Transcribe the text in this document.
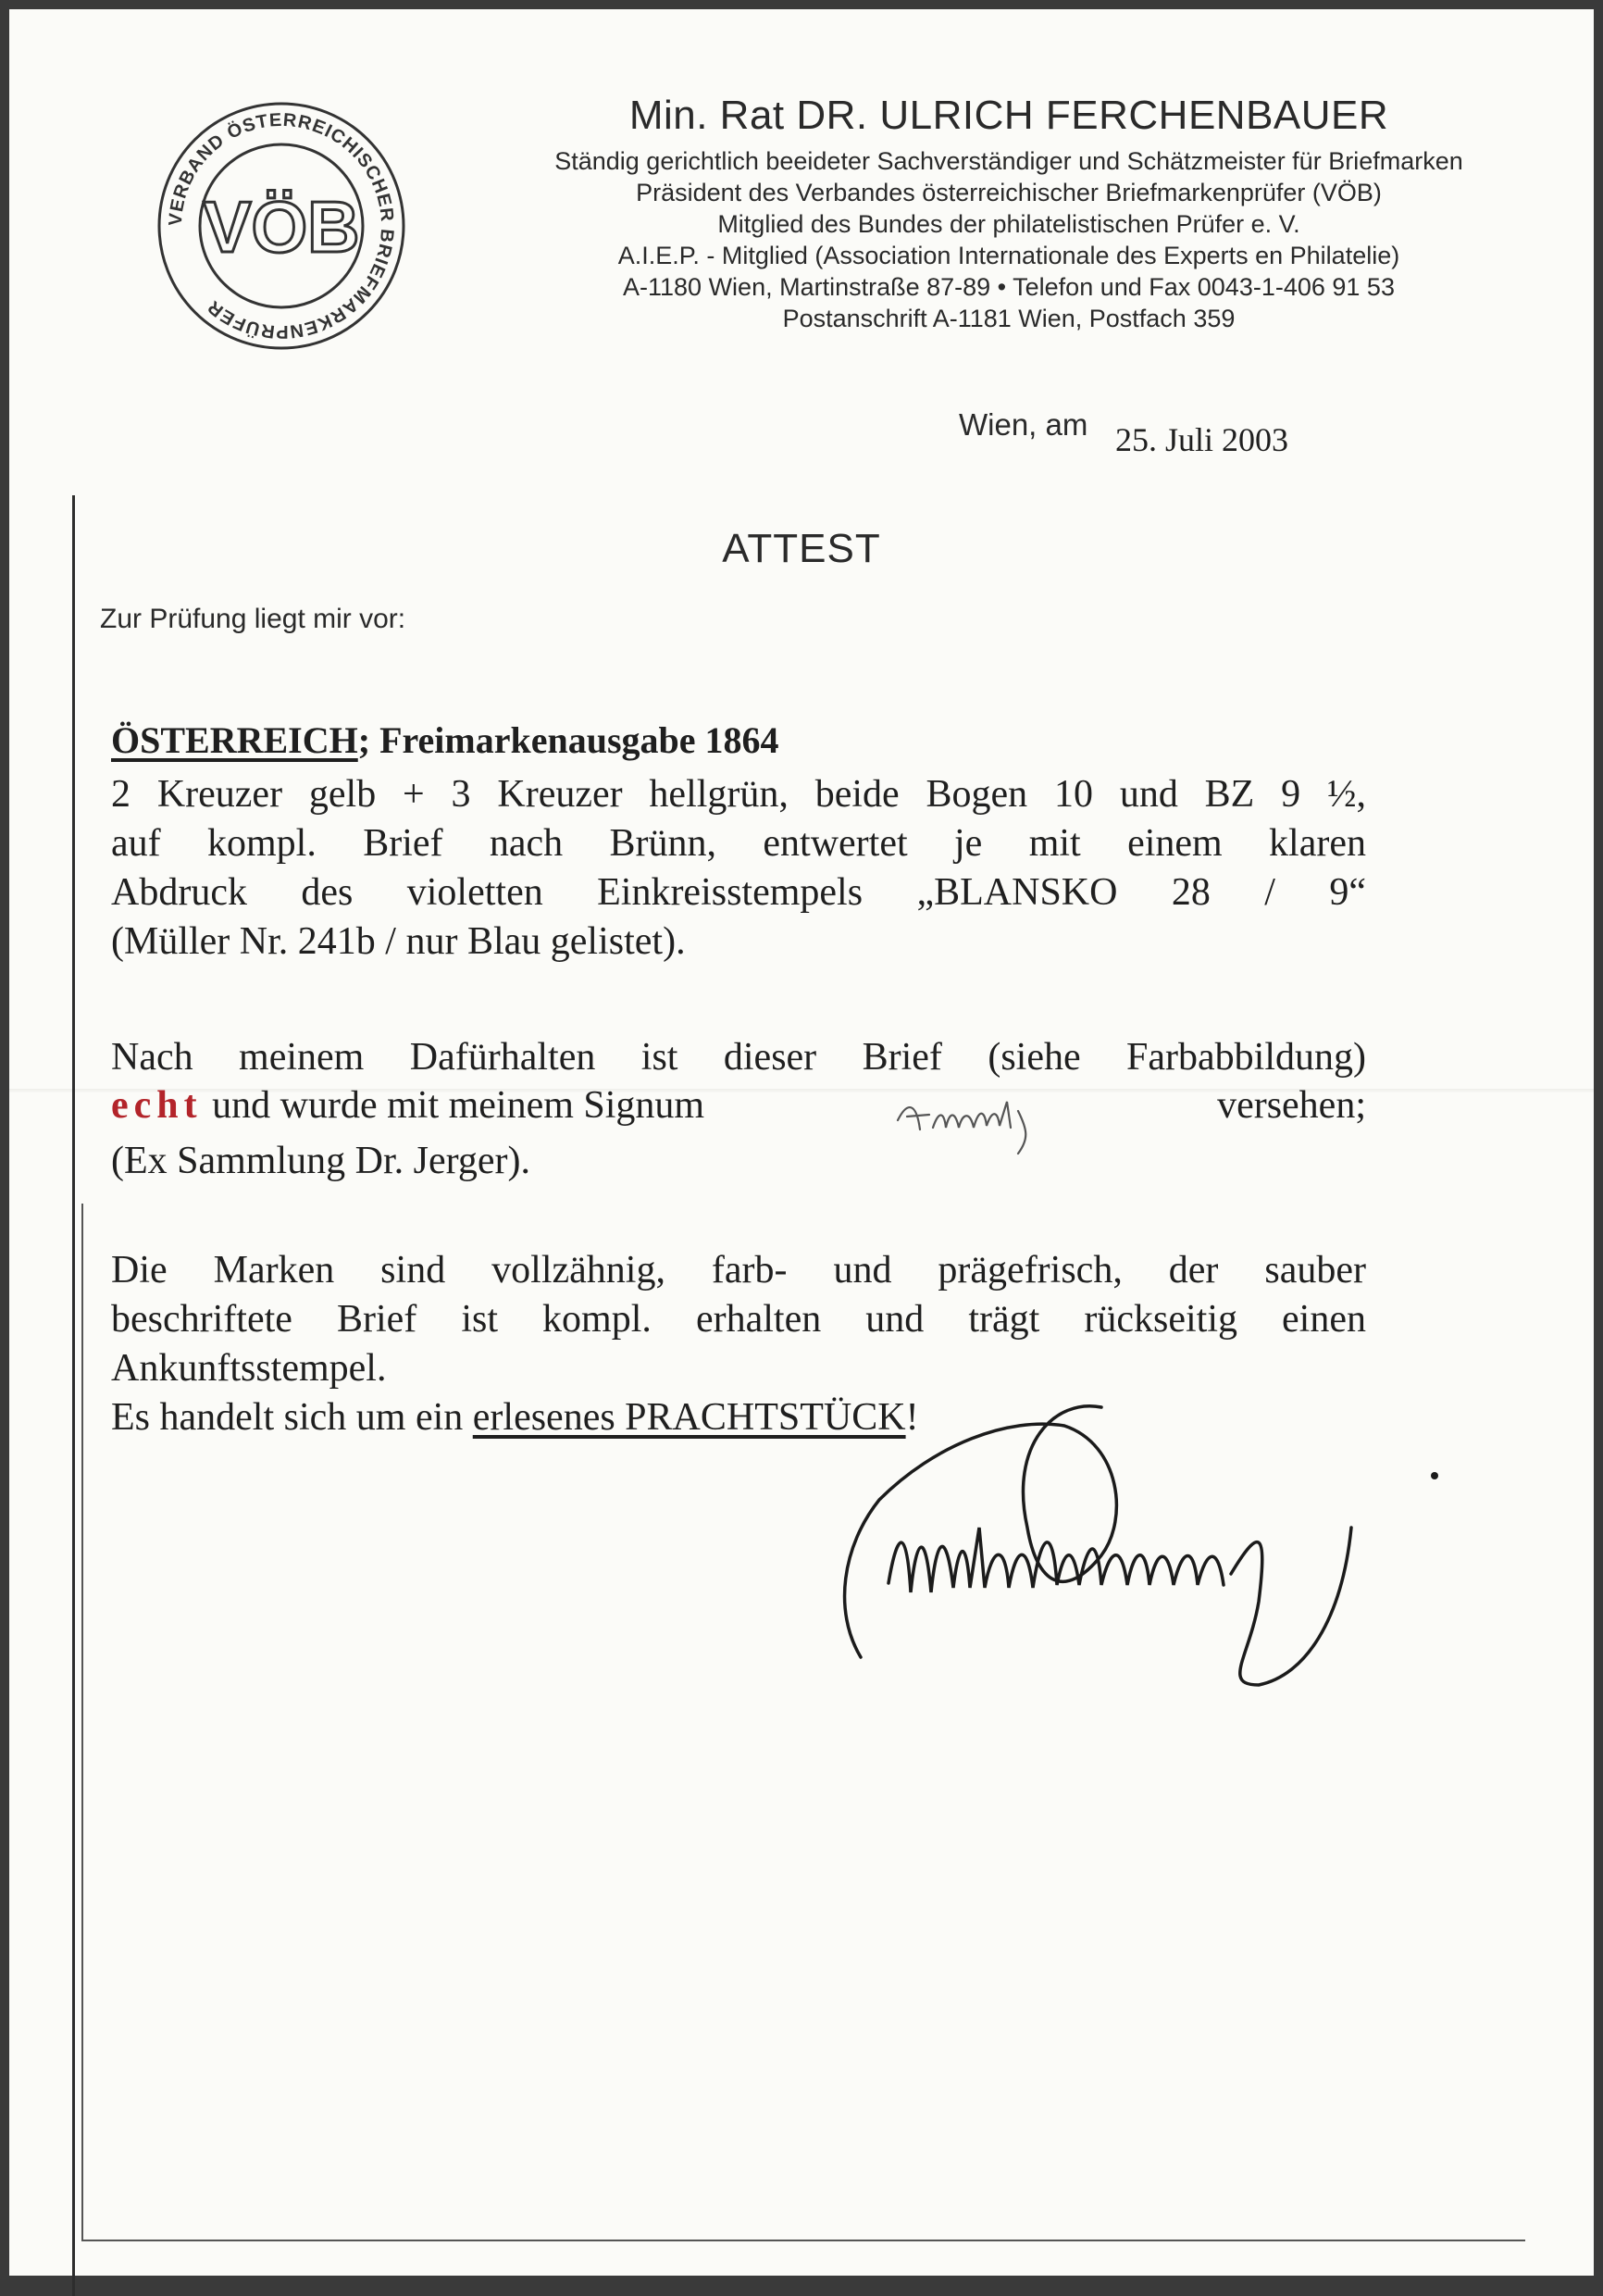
VERBAND ÖSTERREICHISCHER BRIEFMARKENPRÜFER
VÖB
Min. Rat DR. ULRICH FERCHENBAUER
Ständig gerichtlich beeideter Sachverständiger und Schätzmeister für Briefmarken
Präsident des Verbandes österreichischer Briefmarkenprüfer (VÖB)
Mitglied des Bundes der philatelistischen Prüfer e. V.
A.I.E.P. - Mitglied (Association Internationale des Experts en Philatelie)
A-1180 Wien, Martinstraße 87-89 • Telefon und Fax 0043-1-406 91 53
Postanschrift A-1181 Wien, Postfach 359
Wien, am 25. Juli 2003
ATTEST
Zur Prüfung liegt mir vor:
ÖSTERREICH; Freimarkenausgabe 1864
2 Kreuzer gelb + 3 Kreuzer hellgrün, beide Bogen 10 und BZ 9 ½,
auf kompl. Brief nach Brünn, entwertet je mit einem klaren
Abdruck des violetten Einkreisstempels „BLANSKO 28 / 9“
(Müller Nr. 241b / nur Blau gelistet).
Nach meinem Dafürhalten ist dieser Brief (siehe Farbabbildung)
echt und wurde mit meinem Signum	versehen;
(Ex Sammlung Dr. Jerger).
Die Marken sind vollzähnig, farb- und prägefrisch, der sauber
beschriftete Brief ist kompl. erhalten und trägt rückseitig einen
Ankunftsstempel.
Es handelt sich um ein erlesenes PRACHTSTÜCK!
